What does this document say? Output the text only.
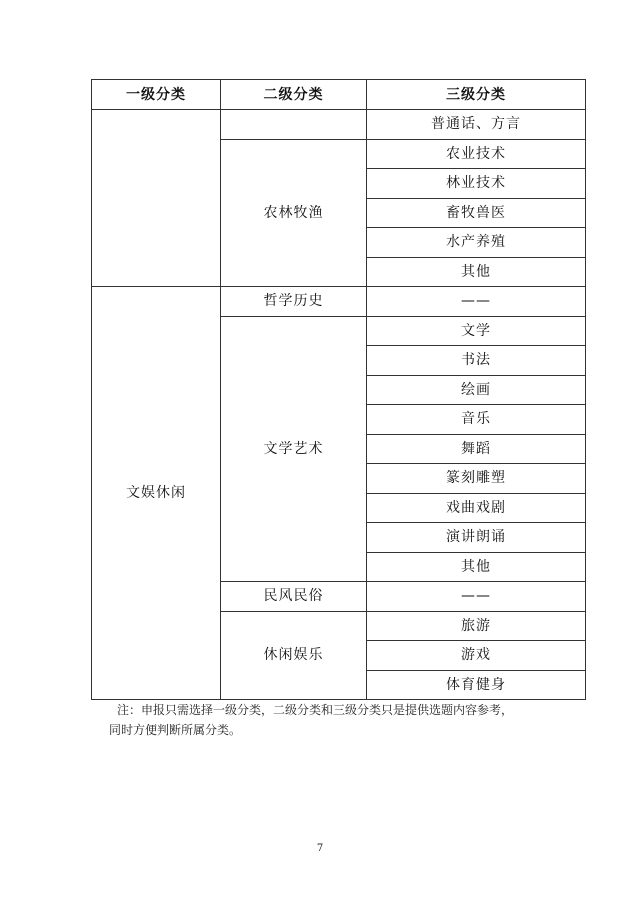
一级分类	二级分类	三级分类
		普通话、方言
	农林牧渔	农业技术
		林业技术
		畜牧兽医
		水产养殖
		其他
文娱休闲	哲学历史	——
	文学艺术	文学
		书法
		绘画
		音乐
		舞蹈
		篆刻雕塑
		戏曲戏剧
		演讲朗诵
		其他
	民风民俗	——
	休闲娱乐	旅游
		游戏
		体育健身

注：申报只需选择一级分类，二级分类和三级分类只是提供选题内容参考，

同时方便判断所属分类。

7
